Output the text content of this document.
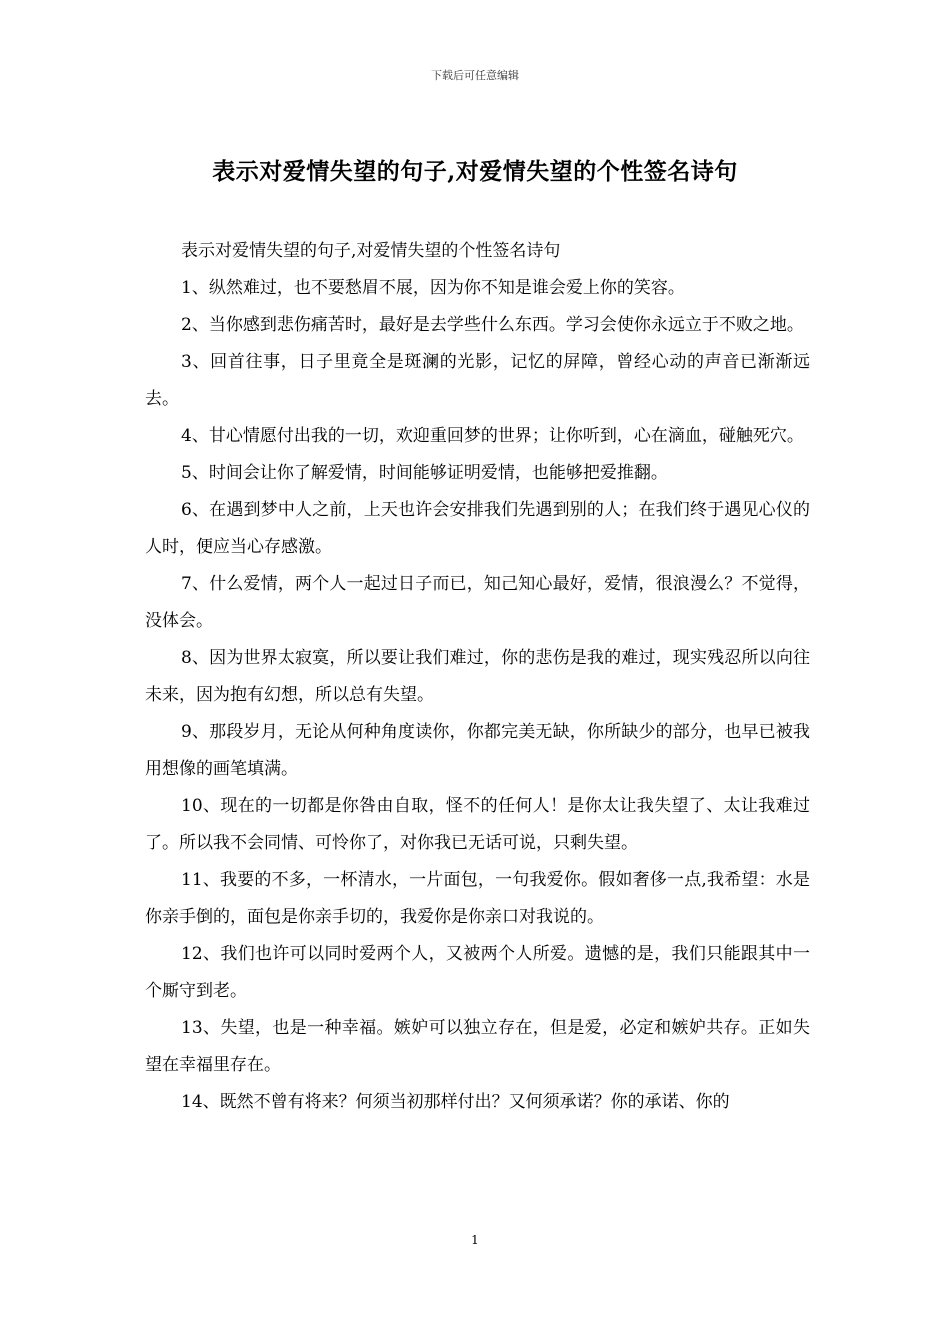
下载后可任意编辑
表示对爱情失望的句子,对爱情失望的个性签名诗句

表示对爱情失望的句子,对爱情失望的个性签名诗句

1、纵然难过，也不要愁眉不展，因为你不知是谁会爱上你的笑容。

2、当你感到悲伤痛苦时，最好是去学些什么东西。学习会使你永远立于不败之地。

3、回首往事，日子里竟全是斑澜的光影，记忆的屏障，曾经心动的声音已渐渐远去。

4、甘心情愿付出我的一切，欢迎重回梦的世界；让你听到，心在滴血，碰触死穴。

5、时间会让你了解爱情，时间能够证明爱情，也能够把爱推翻。

6、在遇到梦中人之前，上天也许会安排我们先遇到别的人；在我们终于遇见心仪的人时，便应当心存感激。

7、什么爱情，两个人一起过日子而已，知己知心最好，爱情，很浪漫么？不觉得，没体会。

8、因为世界太寂寞，所以要让我们难过，你的悲伤是我的难过，现实残忍所以向往未来，因为抱有幻想，所以总有失望。

9、那段岁月，无论从何种角度读你，你都完美无缺，你所缺少的部分，也早已被我用想像的画笔填满。

10、现在的一切都是你咎由自取，怪不的任何人！是你太让我失望了、太让我难过了。所以我不会同情、可怜你了，对你我已无话可说，只剩失望。

11、我要的不多，一杯清水，一片面包，一句我爱你。假如奢侈一点,我希望：水是你亲手倒的，面包是你亲手切的，我爱你是你亲口对我说的。

12、我们也许可以同时爱两个人，又被两个人所爱。遗憾的是，我们只能跟其中一个厮守到老。

13、失望，也是一种幸福。嫉妒可以独立存在，但是爱，必定和嫉妒共存。正如失望在幸福里存在。

14、既然不曾有将来？何须当初那样付出？又何须承诺？你的承诺、你的

1
